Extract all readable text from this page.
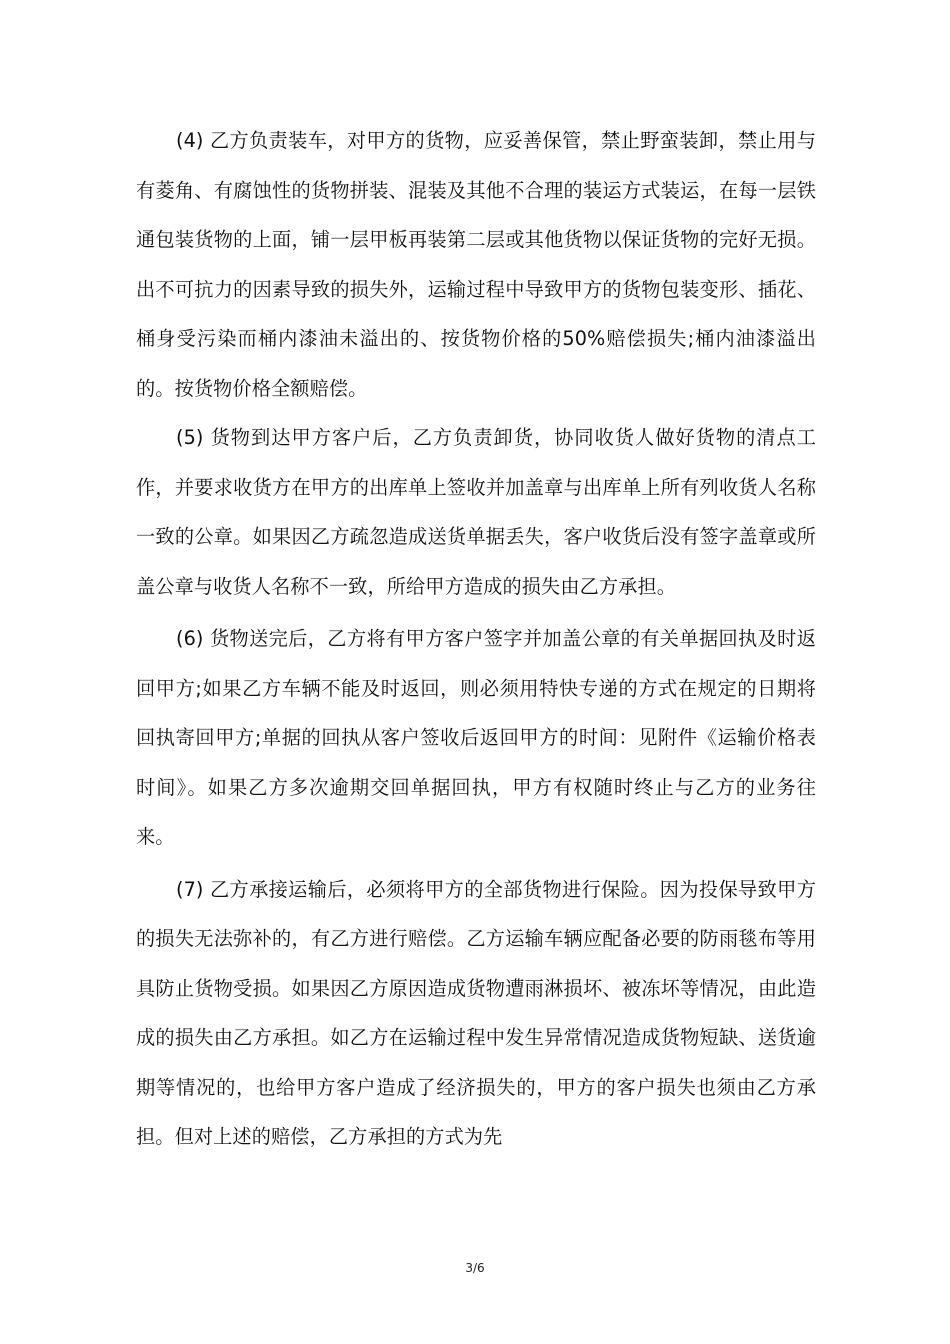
(4) 乙方负责装车，对甲方的货物，应妥善保管，禁止野蛮装卸，禁止用与有菱角、有腐蚀性的货物拼装、混装及其他不合理的装运方式装运，在每一层铁通包装货物的上面，铺一层甲板再装第二层或其他货物以保证货物的完好无损。出不可抗力的因素导致的损失外，运输过程中导致甲方的货物包装变形、插花、桶身受污染而桶内漆油未溢出的、按货物价格的50%赔偿损失;桶内油漆溢出的。按货物价格全额赔偿。

(5) 货物到达甲方客户后，乙方负责卸货，协同收货人做好货物的清点工作，并要求收货方在甲方的出库单上签收并加盖章与出库单上所有列收货人名称一致的公章。如果因乙方疏忽造成送货单据丢失，客户收货后没有签字盖章或所盖公章与收货人名称不一致，所给甲方造成的损失由乙方承担。

(6) 货物送完后，乙方将有甲方客户签字并加盖公章的有关单据回执及时返回甲方;如果乙方车辆不能及时返回，则必须用特快专递的方式在规定的日期将回执寄回甲方;单据的回执从客户签收后返回甲方的时间：见附件《运输价格表时间》。如果乙方多次逾期交回单据回执，甲方有权随时终止与乙方的业务往来。

(7) 乙方承接运输后，必须将甲方的全部货物进行保险。因为投保导致甲方的损失无法弥补的，有乙方进行赔偿。乙方运输车辆应配备必要的防雨毯布等用具防止货物受损。如果因乙方原因造成货物遭雨淋损坏、被冻坏等情况，由此造成的损失由乙方承担。如乙方在运输过程中发生异常情况造成货物短缺、送货逾期等情况的，也给甲方客户造成了经济损失的，甲方的客户损失也须由乙方承担。但对上述的赔偿，乙方承担的方式为先

3/6
